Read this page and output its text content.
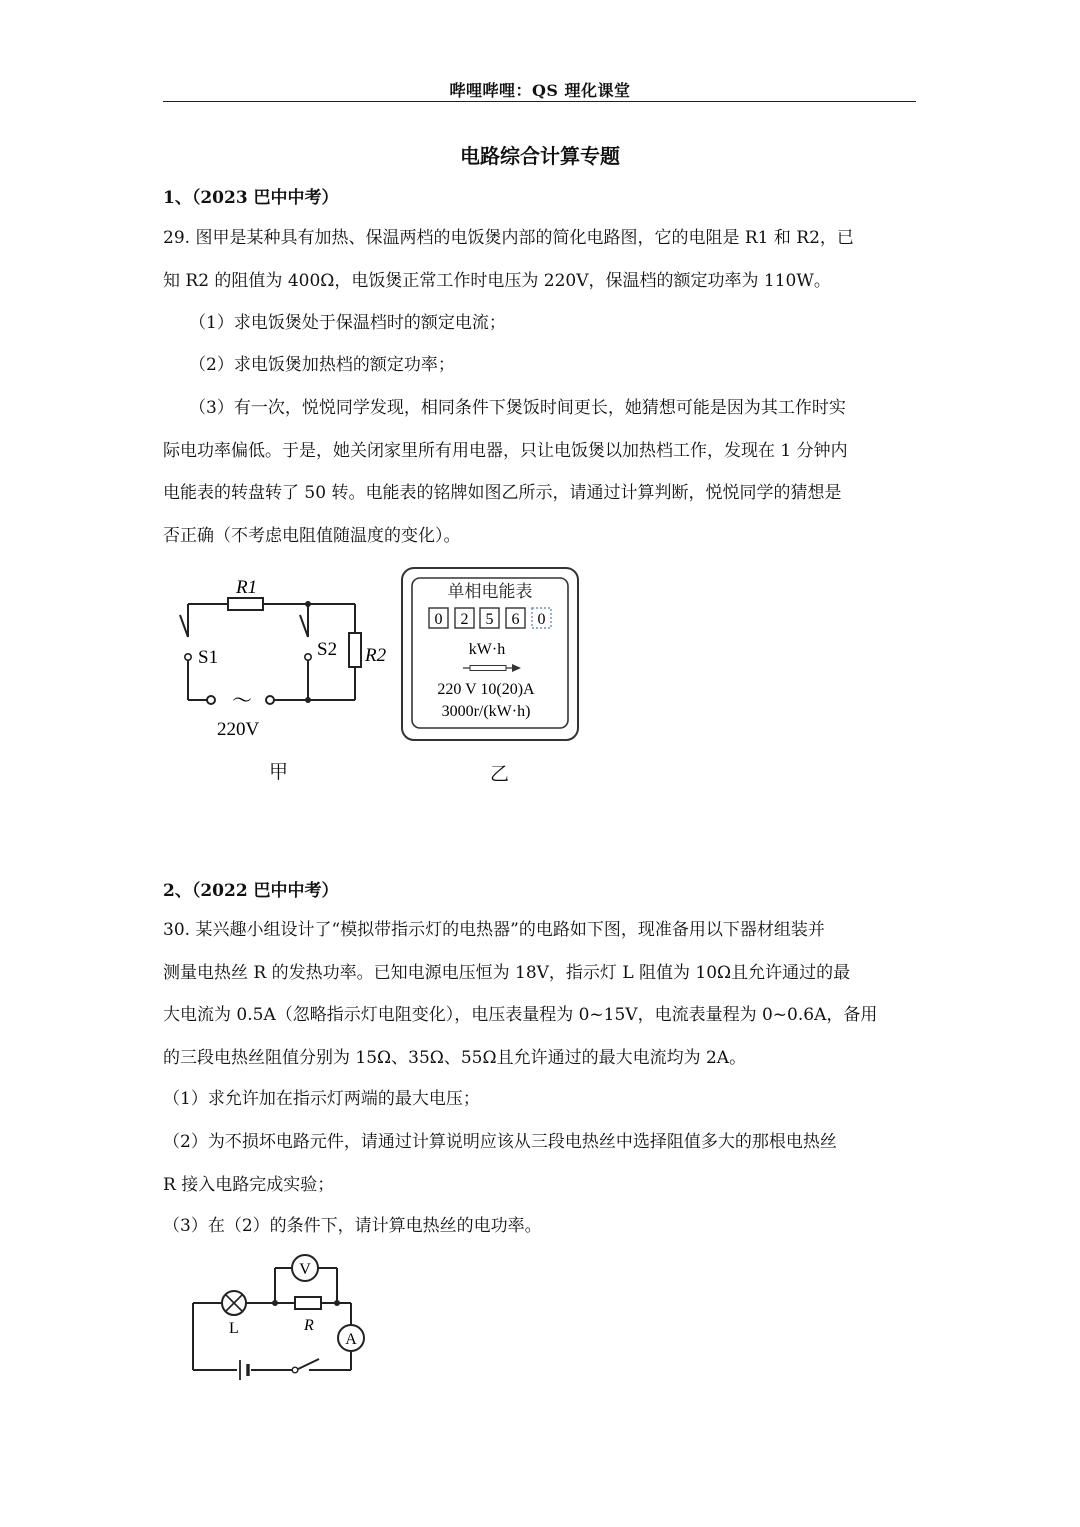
哔哩哔哩：QS 理化课堂
电路综合计算专题
1、（2023 巴中中考）
29. 图甲是某种具有加热、保温两档的电饭煲内部的简化电路图，它的电阻是 R1 和 R2，已
知 R2 的阻值为 400Ω，电饭煲正常工作时电压为 220V，保温档的额定功率为 110W。
（1）求电饭煲处于保温档时的额定电流；
（2）求电饭煲加热档的额定功率；
（3）有一次，悦悦同学发现，相同条件下煲饭时间更长，她猜想可能是因为其工作时实
际电功率偏低。于是，她关闭家里所有用电器，只让电饭煲以加热档工作，发现在 1 分钟内
电能表的转盘转了 50 转。电能表的铭牌如图乙所示，请通过计算判断，悦悦同学的猜想是
否正确（不考虑电阻值随温度的变化）。
R1
S1	S2 R2
～
220V
甲
单相电能表
0 2 5 6 0
kW·h
220 V 10(20)A
3000r/(kW·h)
乙
2、（2022 巴中中考）
30. 某兴趣小组设计了“模拟带指示灯的电热器”的电路如下图，现准备用以下器材组装并
测量电热丝 R 的发热功率。已知电源电压恒为 18V，指示灯 L 阻值为 10Ω且允许通过的最
大电流为 0.5A（忽略指示灯电阻变化），电压表量程为 0~15V，电流表量程为 0~0.6A，备用
的三段电热丝阻值分别为 15Ω、35Ω、55Ω且允许通过的最大电流均为 2A。
（1）求允许加在指示灯两端的最大电压；
（2）为不损坏电路元件，请通过计算说明应该从三段电热丝中选择阻值多大的那根电热丝
R 接入电路完成实验；
（3）在（2）的条件下，请计算电热丝的电功率。
V
A
L	R
